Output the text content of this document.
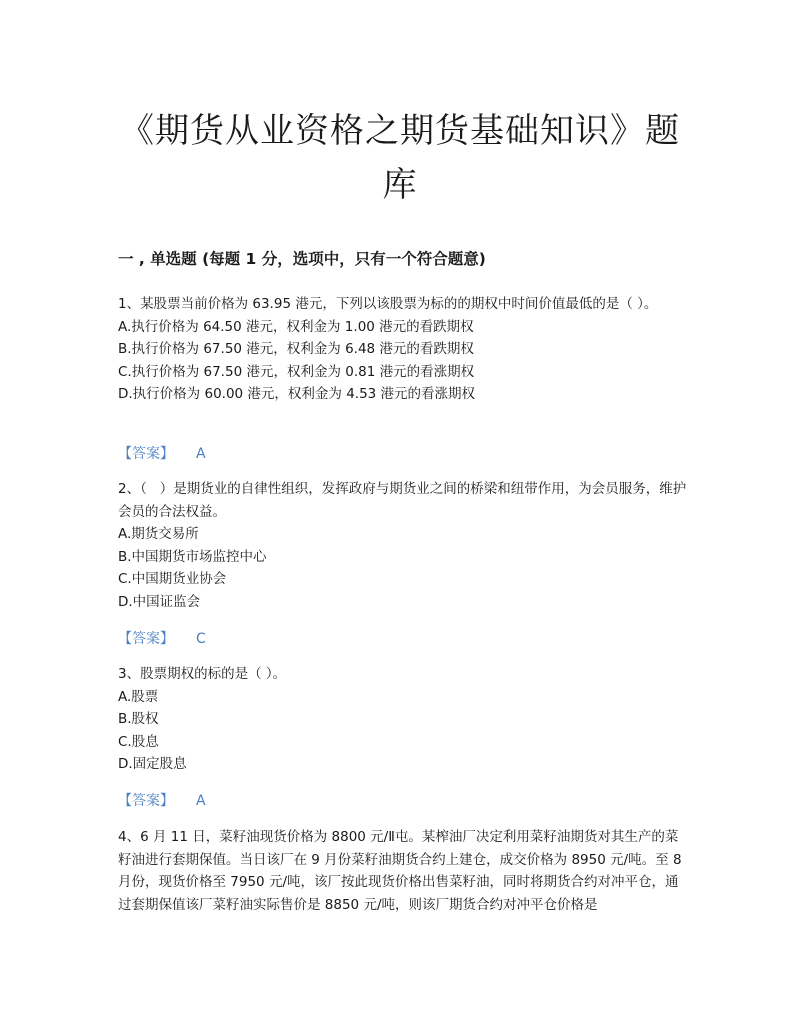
《期货从业资格之期货基础知识》题库
一 , 单选题 (每题 1 分，选项中，只有一个符合题意)

1、某股票当前价格为 63.95 港元，下列以该股票为标的的期权中时间价值最低的是（ ）。

A.执行价格为 64.50 港元，权利金为 1.00 港元的看跌期权

B.执行价格为 67.50 港元，权利金为 6.48 港元的看跌期权

C.执行价格为 67.50 港元，权利金为 0.81 港元的看涨期权

D.执行价格为 60.00 港元，权利金为 4.53 港元的看涨期权

【答案】 A

2、（   ）是期货业的自律性组织，发挥政府与期货业之间的桥梁和纽带作用，为会员服务，维护会员的合法权益。

A.期货交易所

B.中国期货市场监控中心

C.中国期货业协会

D.中国证监会

【答案】 C

3、股票期权的标的是（ ）。

A.股票

B.股权

C.股息

D.固定股息

【答案】 A

4、6 月 11 日，菜籽油现货价格为 8800 元/Ⅱ屯。某榨油厂决定利用菜籽油期货对其生产的菜籽油进行套期保值。当日该厂在 9 月份菜籽油期货合约上建仓，成交价格为 8950 元/吨。至 8 月份，现货价格至 7950 元/吨，该厂按此现货价格出售菜籽油，同时将期货合约对冲平仓，通过套期保值该厂菜籽油实际售价是 8850 元/吨，则该厂期货合约对冲平仓价格是
